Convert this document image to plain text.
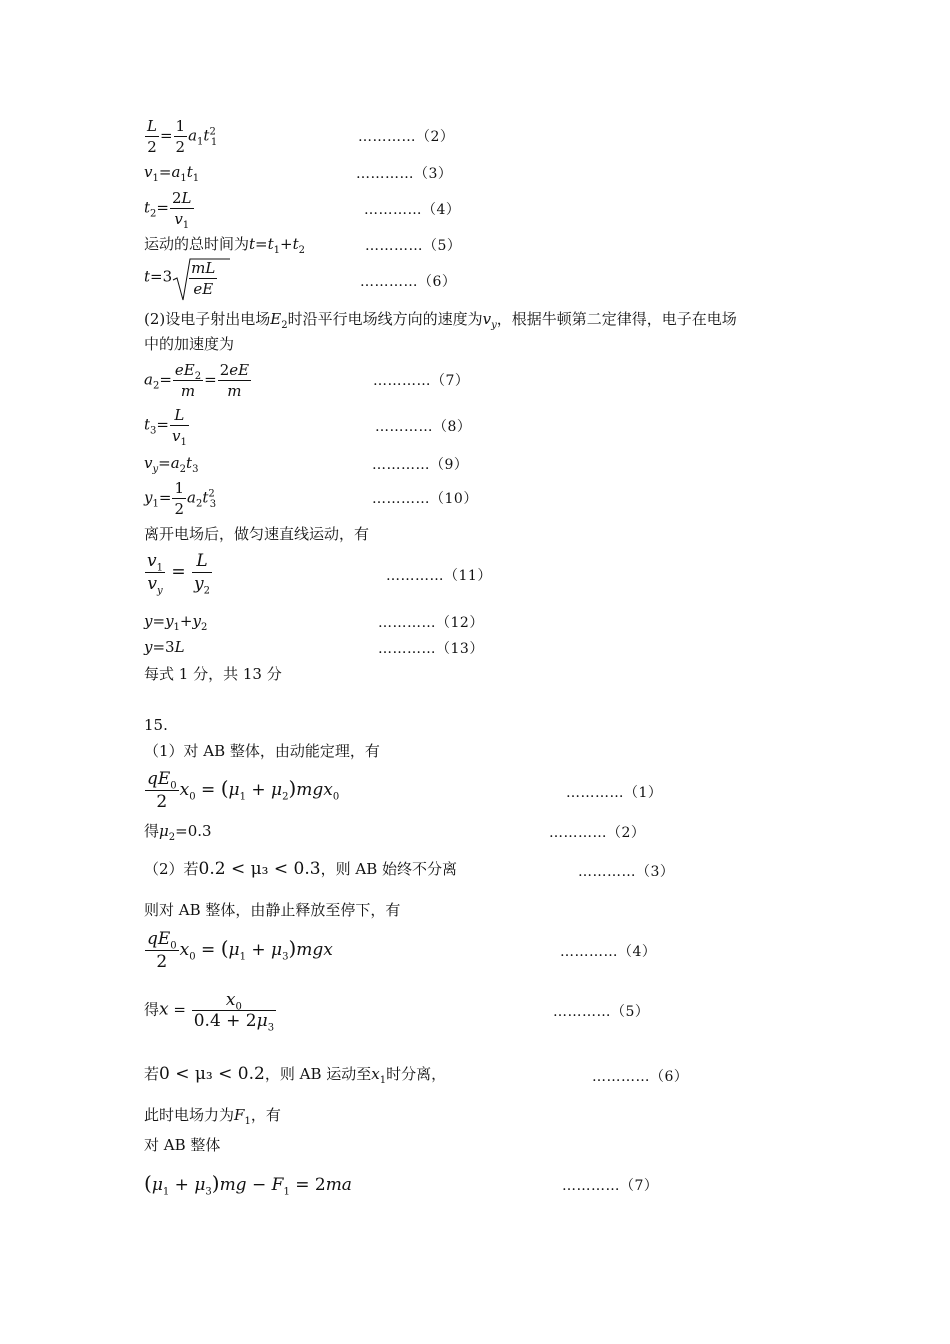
$\frac{L}{2} = \frac{1}{2} a_1t^2_1$	…………（2）
$v_1=a_1t_1$	…………（3）
$t_2= \frac{2L}{v_1}$	…………（4）
运动的总时间为$t=t_1+t_2$	…………（5）
$t=3 \frac{mL}{eE}$	…………（6）
(2)设电子射出电场$E_2$时沿平行电场线方向的速度为$v_y$，根据牛顿第二定律得，电子在电场
中的加速度为
$a_2= \frac{eE_2}{m} = \frac{2eE}{m}$	…………（7）
$t_3= \frac{L}{v_1}$	…………（8）
$v_y=a_2t_3$	…………（9）
$y_1= \frac{1}{2} a_2t^2_3$	…………（10）
离开电场后，做匀速直线运动，有
$\frac{v_1}{v_y} = \frac{L}{y_2}$	…………（11）
$y=y_1+y_2$	…………（12）
y=3L	…………（13）
每式 1 分，共 13 分
15.
（1）对 AB 整体，由动能定理，有
$\frac{qE_0}{2} x_0 = (\mu_1 + \mu_2)mgx_0$	…………（1）
得$\mu_2=0.3$	…………（2）
（2）若0.2 < μ₃ < 0.3，则 AB 始终不分离	…………（3）
则对 AB 整体，由静止释放至停下，有
$\frac{qE_0}{2} x_0 = (\mu_1 + \mu_3)mgx$	…………（4）
得$x = \frac{x_0}{0.4 + 2\mu_3}$	…………（5）
若0 < μ₃ < 0.2，则 AB 运动至$x_1$时分离，	…………（6）
此时电场力为$F_1$，有
对 AB 整体
$(\mu_1 + \mu_3)mg - F_1 = 2ma$	…………（7）
